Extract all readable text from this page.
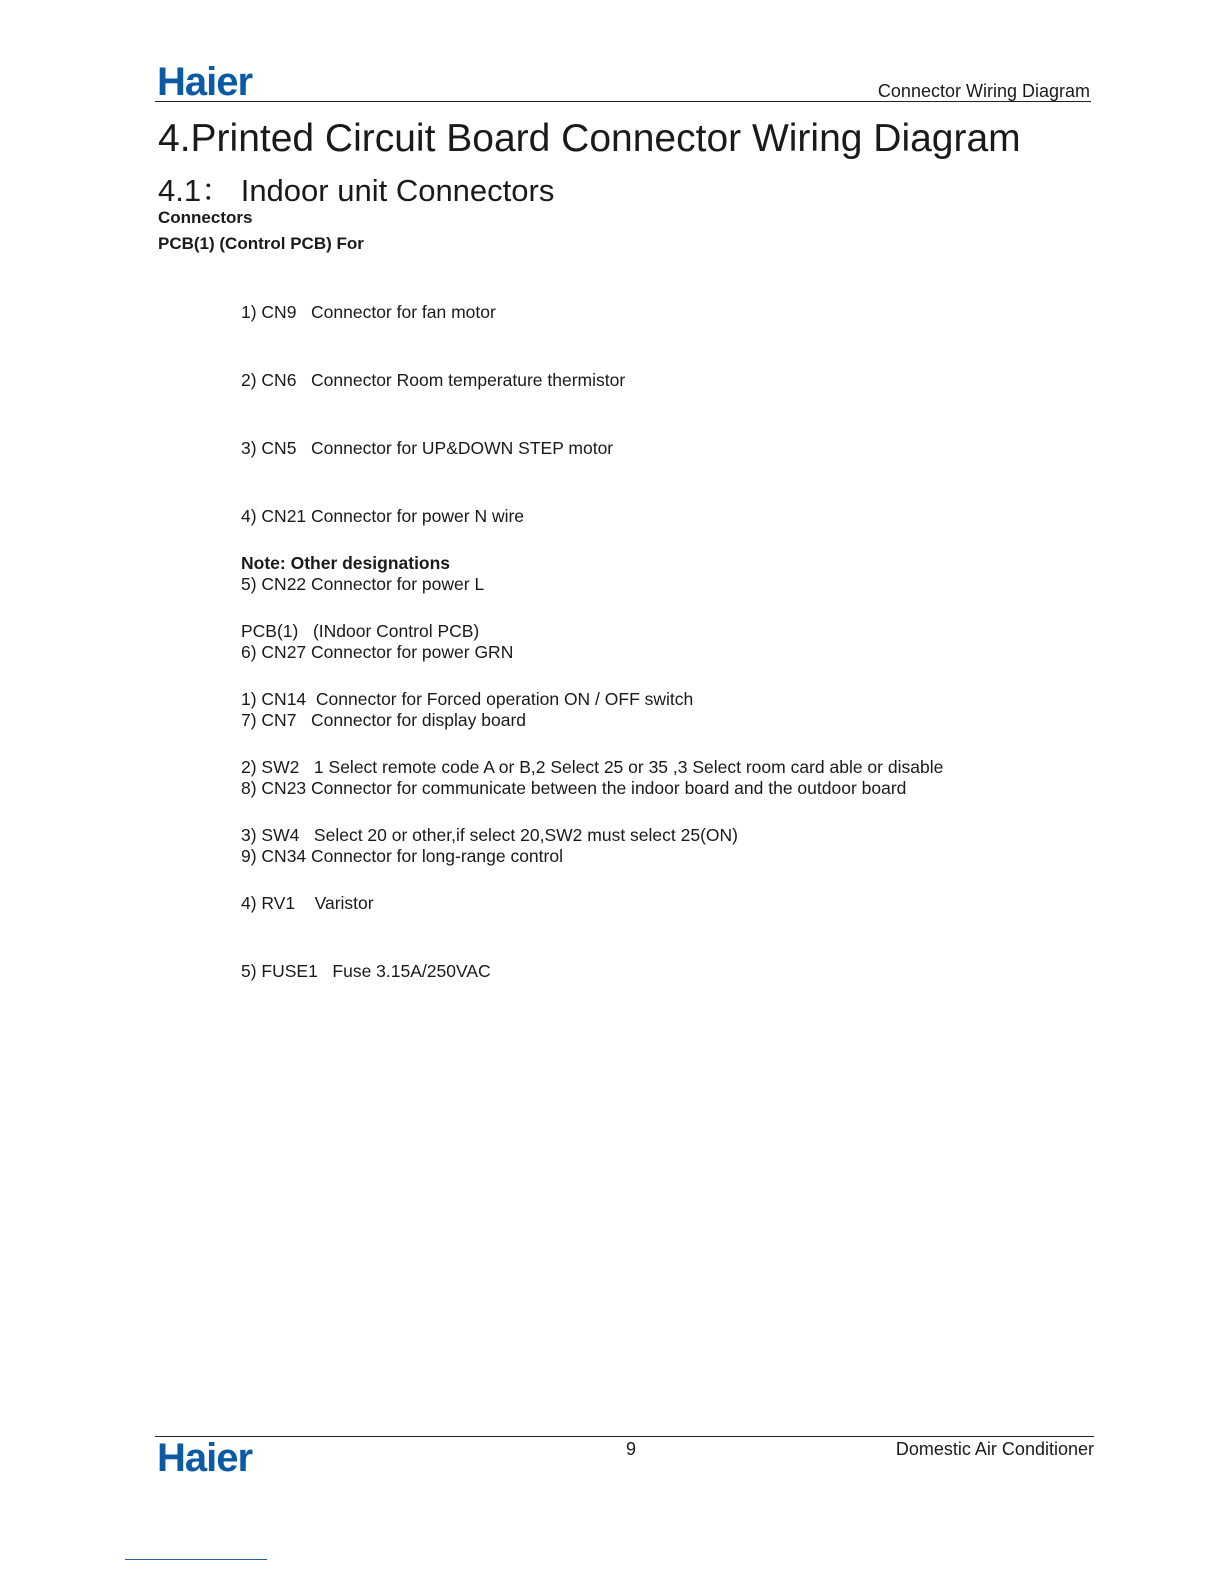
Haier	Connector Wiring Diagram
4.Printed Circuit Board Connector Wiring Diagram
4.1： Indoor unit Connectors
Connectors
PCB(1) (Control PCB) For

1) CN9   Connector for fan motor

2) CN6   Connector Room temperature thermistor

3) CN5   Connector for UP&DOWN STEP motor

4) CN21 Connector for power N wire

5) CN22 Connector for power L

6) CN27 Connector for power GRN

7) CN7   Connector for display board

8) CN23 Connector for communicate between the indoor board and the outdoor board

9) CN34 Connector for long-range control

Note: Other designations

PCB(1)   (INdoor Control PCB)

1) CN14  Connector for Forced operation ON / OFF switch

2) SW2   1 Select remote code A or B,2 Select 25 or 35 ,3 Select room card able or disable

3) SW4   Select 20 or other,if select 20,SW2 must select 25(ON)

4) RV1    Varistor

5) FUSE1   Fuse 3.15A/250VAC

Haier	9	Domestic Air Conditioner
